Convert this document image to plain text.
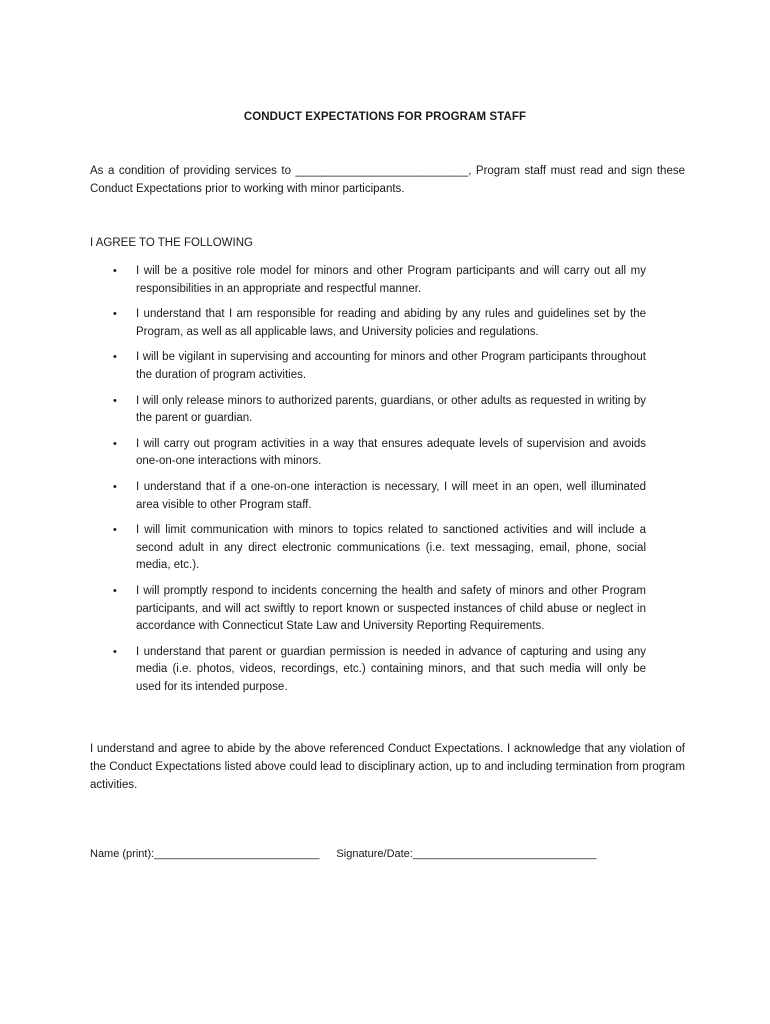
CONDUCT EXPECTATIONS FOR PROGRAM STAFF
As a condition of providing services to ___________________________, Program staff must read and sign these Conduct Expectations prior to working with minor participants.
I AGREE TO THE FOLLOWING
• I will be a positive role model for minors and other Program participants and will carry out all my responsibilities in an appropriate and respectful manner.
• I understand that I am responsible for reading and abiding by any rules and guidelines set by the Program, as well as all applicable laws, and University policies and regulations.
• I will be vigilant in supervising and accounting for minors and other Program participants throughout the duration of program activities.
• I will only release minors to authorized parents, guardians, or other adults as requested in writing by the parent or guardian.
• I will carry out program activities in a way that ensures adequate levels of supervision and avoids one-on-one interactions with minors.
• I understand that if a one-on-one interaction is necessary, I will meet in an open, well illuminated area visible to other Program staff.
• I will limit communication with minors to topics related to sanctioned activities and will include a second adult in any direct electronic communications (i.e. text messaging, email, phone, social media, etc.).
• I will promptly respond to incidents concerning the health and safety of minors and other Program participants, and will act swiftly to report known or suspected instances of child abuse or neglect in accordance with Connecticut State Law and University Reporting Requirements.
• I understand that parent or guardian permission is needed in advance of capturing and using any media (i.e. photos, videos, recordings, etc.) containing minors, and that such media will only be used for its intended purpose.
I understand and agree to abide by the above referenced Conduct Expectations. I acknowledge that any violation of the Conduct Expectations listed above could lead to disciplinary action, up to and including termination from program activities.
Name (print):___________________________ Signature/Date:______________________________
